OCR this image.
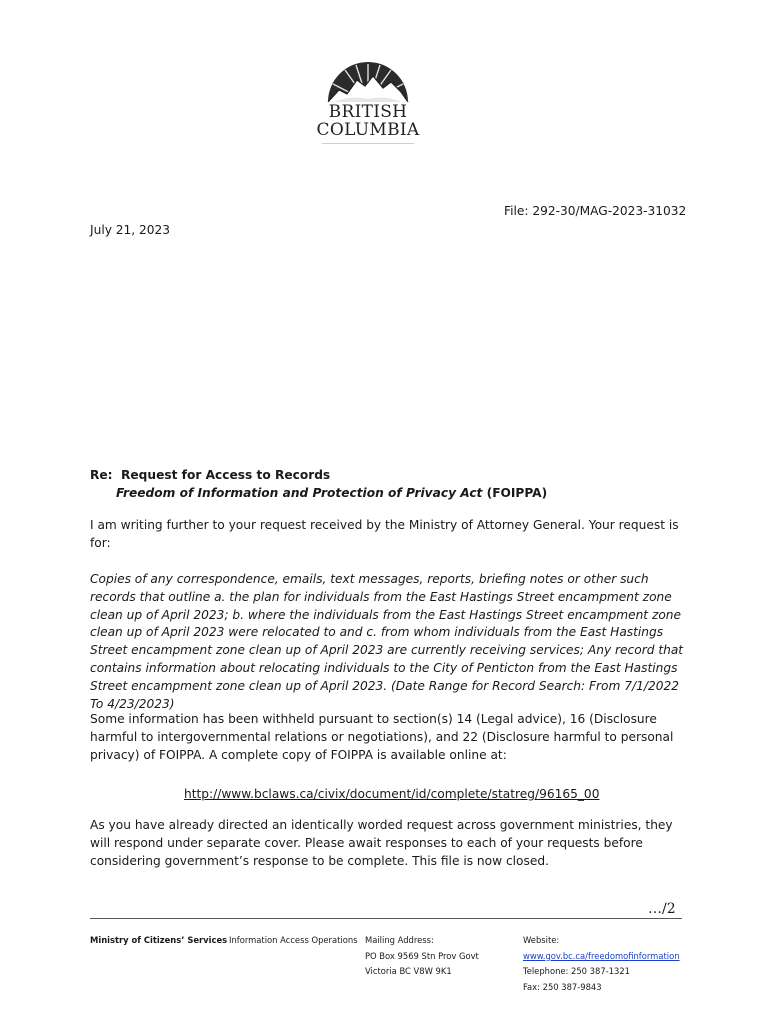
BRITISH
COLUMBIA
File: 292-30/MAG-2023-31032
July 21, 2023
Re: Request for Access to Records
Freedom of Information and Protection of Privacy Act (FOIPPA)
I am writing further to your request received by the Ministry of Attorney General. Your request is for:
Copies of any correspondence, emails, text messages, reports, briefing notes or other such records that outline a. the plan for individuals from the East Hastings Street encampment zone clean up of April 2023; b. where the individuals from the East Hastings Street encampment zone clean up of April 2023 were relocated to and c. from whom individuals from the East Hastings Street encampment zone clean up of April 2023 are currently receiving services; Any record that contains information about relocating individuals to the City of Penticton from the East Hastings Street encampment zone clean up of April 2023. (Date Range for Record Search: From 7/1/2022 To 4/23/2023)
Some information has been withheld pursuant to section(s) 14 (Legal advice), 16 (Disclosure harmful to intergovernmental relations or negotiations), and 22 (Disclosure harmful to personal privacy) of FOIPPA. A complete copy of FOIPPA is available online at:
http://www.bclaws.ca/civix/document/id/complete/statreg/96165_00
As you have already directed an identically worded request across government ministries, they will respond under separate cover. Please await responses to each of your requests before considering government’s response to be complete. This file is now closed.
…/2
Ministry of Citizens’ Services Information Access Operations Mailing Address:
PO Box 9569 Stn Prov Govt
Victoria BC V8W 9K1
Website:
www.gov.bc.ca/freedomofinformation
Telephone: 250 387-1321
Fax: 250 387-9843
